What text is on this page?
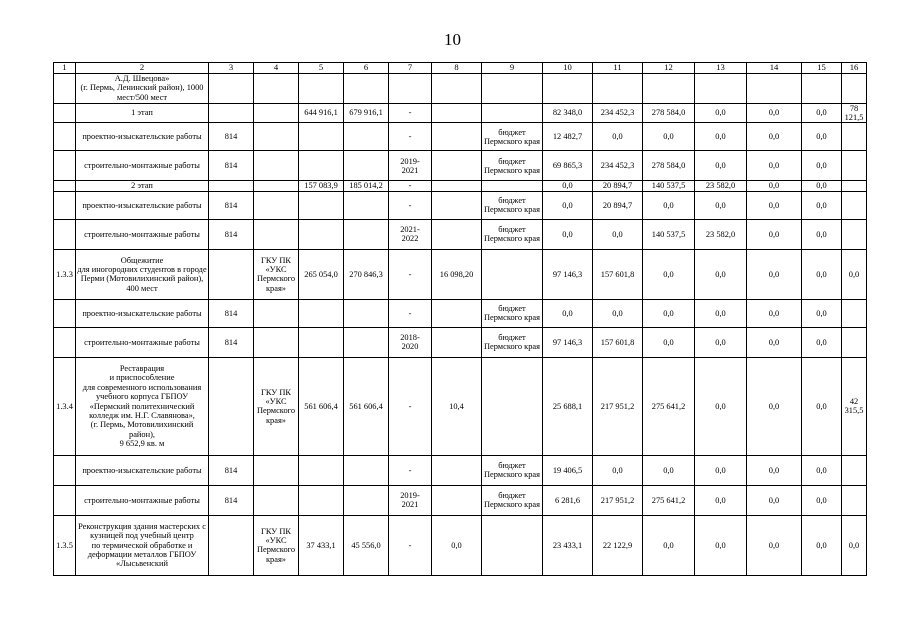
10
1	2	3	4	5	6	7	8	9	10	11	12	13	14	15	16
	А.Д. Швецова»
(г. Пермь, Ленинский район), 1000 мест/500 мест														
	1 этап			644 916,1	679 916,1	-			82 348,0	234 452,3	278 584,0	0,0	0,0	0,0	78 121,5
	проектно-изыскательские работы	814				-		бюджет Пермского края	12 482,7	0,0	0,0	0,0	0,0	0,0	
	строительно-монтажные работы	814				2019-
2021		бюджет Пермского края	69 865,3	234 452,3	278 584,0	0,0	0,0	0,0	
	2 этап			157 083,9	185 014,2	-			0,0	20 894,7	140 537,5	23 582,0	0,0	0,0	
	проектно-изыскательские работы	814				-		бюджет Пермского края	0,0	20 894,7	0,0	0,0	0,0	0,0	
	строительно-монтажные работы	814				2021-
2022		бюджет Пермского края	0,0	0,0	140 537,5	23 582,0	0,0	0,0	
1.3.3	Общежитие
для иногородних студентов в городе Перми (Мотовилихинский район), 400 мест		ГКУ ПК «УКС Пермского края»	265 054,0	270 846,3	-	16 098,20		97 146,3	157 601,8	0,0	0,0	0,0	0,0	0,0
	проектно-изыскательские работы	814				-		бюджет Пермского края	0,0	0,0	0,0	0,0	0,0	0,0	
	строительно-монтажные работы	814				2018-
2020		бюджет Пермского края	97 146,3	157 601,8	0,0	0,0	0,0	0,0	
1.3.4	Реставрация
и приспособление
для современного использования учебного корпуса ГБПОУ «Пермский политехнический колледж им. Н.Г. Славянова»,
(г. Пермь, Мотовилихинский район),
9 652,9 кв. м		ГКУ ПК «УКС Пермского края»	561 606,4	561 606,4	-	10,4		25 688,1	217 951,2	275 641,2	0,0	0,0	0,0	42 315,5
	проектно-изыскательские работы	814				-		бюджет Пермского края	19 406,5	0,0	0,0	0,0	0,0	0,0	
	строительно-монтажные работы	814				2019-
2021		бюджет Пермского края	6 281,6	217 951,2	275 641,2	0,0	0,0	0,0	
1.3.5	Реконструкция здания мастерских с кузницей под учебный центр
по термической обработке и деформации металлов ГБПОУ «Лысьвенский		ГКУ ПК «УКС Пермского края»	37 433,1	45 556,0	-	0,0		23 433,1	22 122,9	0,0	0,0	0,0	0,0	0,0
